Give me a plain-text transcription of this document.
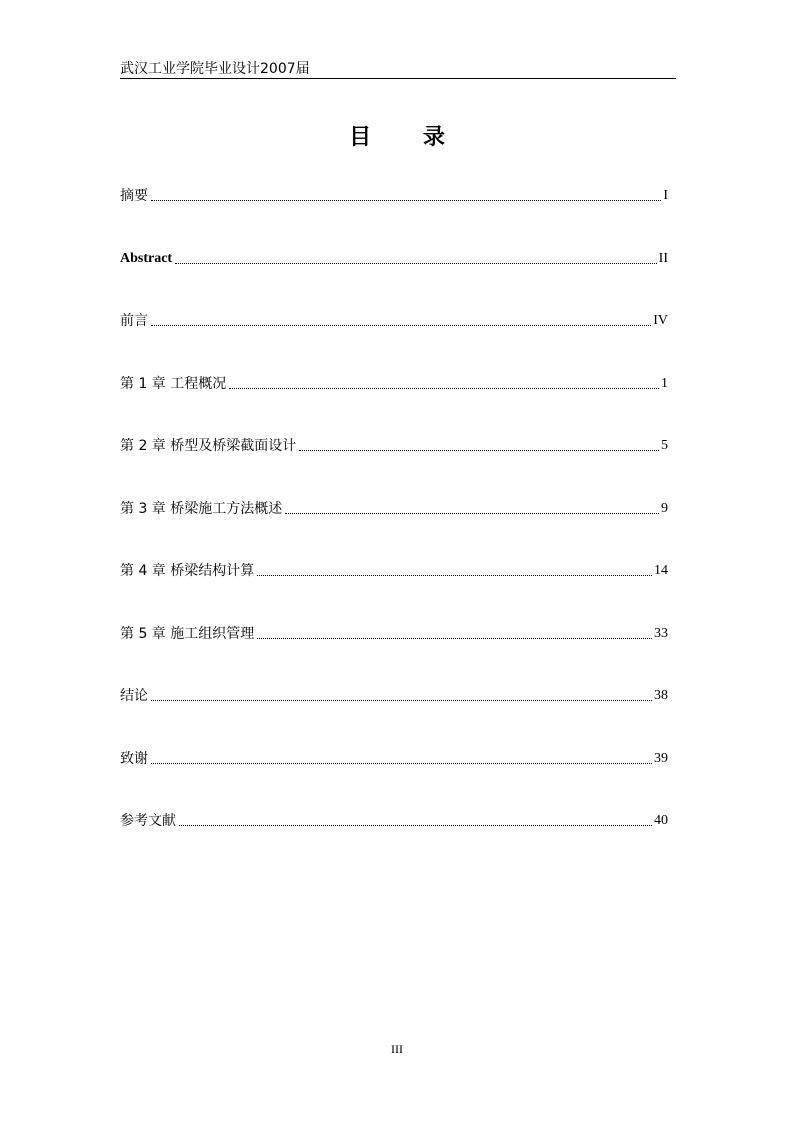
武汉工业学院毕业设计2007届
目 录
摘要	I
Abstract	II
前言	IV
第 1 章 工程概况	1
第 2 章 桥型及桥梁截面设计	5
第 3 章 桥梁施工方法概述	9
第 4 章 桥梁结构计算	14
第 5 章 施工组织管理	33
结论	38
致谢	39
参考文献	40
III
